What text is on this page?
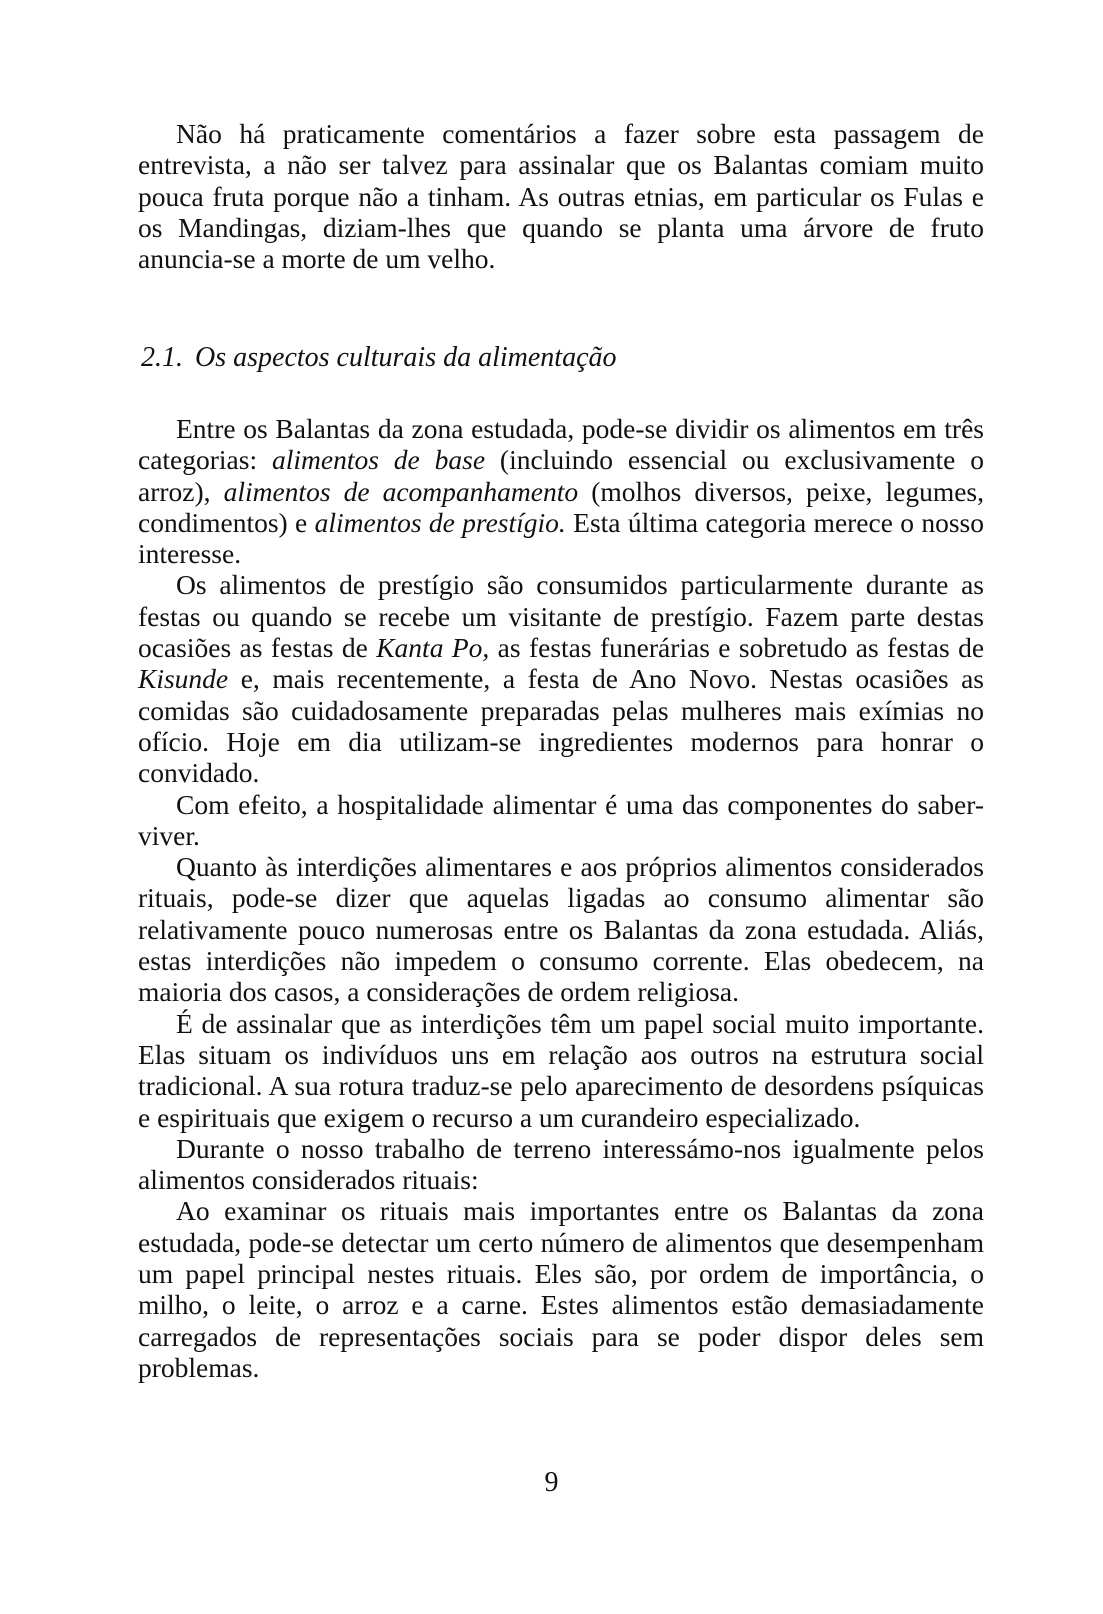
Não há praticamente comentários a fazer sobre esta passagem de entrevista, a não ser talvez para assinalar que os Balantas comiam muito pouca fruta porque não a tinham. As outras etnias, em particular os Fulas e os Mandingas, diziam-lhes que quando se planta uma árvore de fruto anuncia-se a morte de um velho.

2.1. Os aspectos culturais da alimentação

Entre os Balantas da zona estudada, pode-se dividir os alimentos em três categorias: alimentos de base (incluindo essencial ou exclusivamente o arroz), alimentos de acompanhamento (molhos diversos, peixe, legumes, condimentos) e alimentos de prestígio. Esta última categoria merece o nosso interesse.

Os alimentos de prestígio são consumidos particularmente durante as festas ou quando se recebe um visitante de prestígio. Fazem parte destas ocasiões as festas de Kanta Po, as festas funerárias e sobretudo as festas de Kisunde e, mais recentemente, a festa de Ano Novo. Nestas ocasiões as comidas são cuidadosamente preparadas pelas mulheres mais exímias no ofício. Hoje em dia utilizam-se ingredientes modernos para honrar o convidado.

Com efeito, a hospitalidade alimentar é uma das componentes do saber-viver.

Quanto às interdições alimentares e aos próprios alimentos considerados rituais, pode-se dizer que aquelas ligadas ao consumo alimentar são relativamente pouco numerosas entre os Balantas da zona estudada. Aliás, estas interdições não impedem o consumo corrente. Elas obedecem, na maioria dos casos, a considerações de ordem religiosa.

É de assinalar que as interdições têm um papel social muito importante. Elas situam os indivíduos uns em relação aos outros na estrutura social tradicional. A sua rotura traduz-se pelo aparecimento de desordens psíquicas e espirituais que exigem o recurso a um curandeiro especializado.

Durante o nosso trabalho de terreno interessámo-nos igualmente pelos alimentos considerados rituais:

Ao examinar os rituais mais importantes entre os Balantas da zona estudada, pode-se detectar um certo número de alimentos que desempenham um papel principal nestes rituais. Eles são, por ordem de importância, o milho, o leite, o arroz e a carne. Estes alimentos estão demasiadamente carregados de representações sociais para se poder dispor deles sem problemas.

9
